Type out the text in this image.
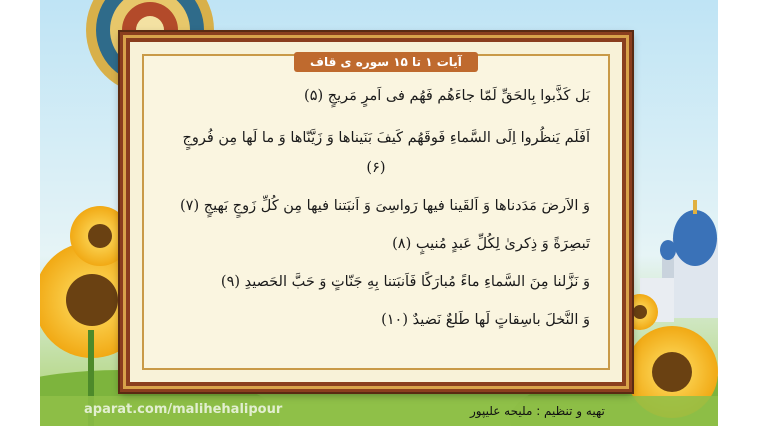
آیات ۱ تا ۱۵ سوره ی قاف
بَل کَذَّبوا بِالحَقِّ لَمّا جاءَهُم فَهُم فی اَمرٍ مَریجٍ (۵)
اَفَلَم یَنظُروا اِلَی السَّماءِ فَوقَهُم کَیفَ بَنَیناها وَ زَیَّنّاها وَ ما لَها مِن فُروجٍ
(۶)
وَ الاَرضَ مَدَدناها وَ اَلقَینا فیها رَواسِیَ وَ اَنبَتنا فیها مِن کُلِّ زَوجٍ بَهیجٍ (۷)
تَبصِرَةً وَ ذِکریٰ لِکُلِّ عَبدٍ مُنیبٍ (۸)
وَ نَزَّلنا مِنَ السَّماءِ ماءً مُبارَکًا فَاَنبَتنا بِهِ جَنّاتٍ وَ حَبَّ الحَصیدِ (۹)
وَ النَّخلَ باسِقاتٍ لَها طَلعٌ نَضیدٌ (۱۰)
aparat.com/malihehalipour	تهیه و تنظیم : ملیحه علیپور
